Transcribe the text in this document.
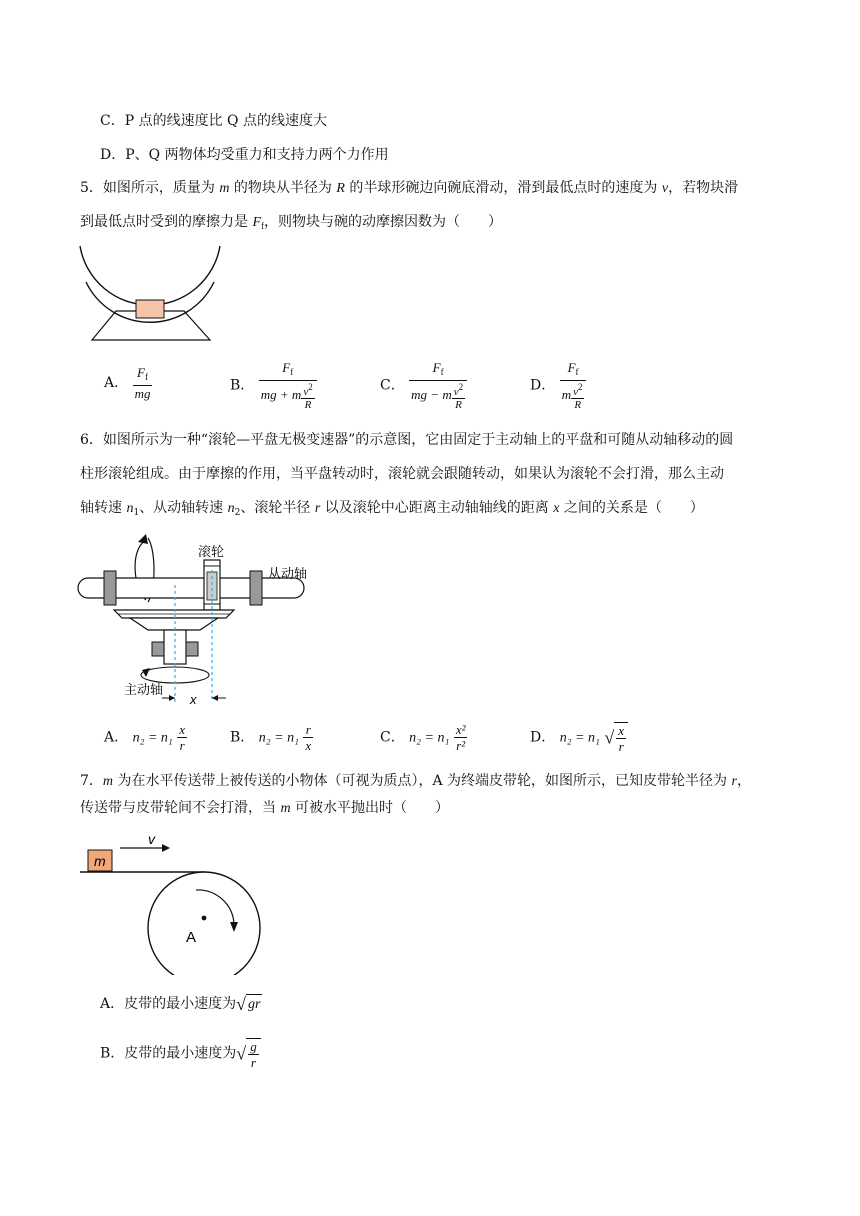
C．P 点的线速度比 Q 点的线速度大
D．P、Q 两物体均受重力和支持力两个力作用
5．如图所示，质量为 m 的物块从半径为 R 的半球形碗边向碗底滑动，滑到最低点时的速度为 v，若物块滑
到最低点时受到的摩擦力是 $F_f$，则物块与碗的动摩擦因数为（　　）
A． $\frac{F_f}{mg}$	B． $\frac{F_f}{mg + m \frac{v^2}{R}}$	C． $\frac{F_f}{mg - m \frac{v^2}{R}}$	D． $\frac{F_f}{m \frac{v^2}{R}}$
6．如图所示为一种“滚轮—平盘无极变速器”的示意图，它由固定于主动轴上的平盘和可随从动轴移动的圆
柱形滚轮组成。由于摩擦的作用，当平盘转动时，滚轮就会跟随转动，如果认为滚轮不会打滑，那么主动
轴转速 $n_1$、从动轴转速 $n_2$、滚轮半径 r 以及滚轮中心距离主动轴轴线的距离 x 之间的关系是（　　）
滚轮
从动轴
主动轴
x
A． $n_2 = n_1 \frac{x}{r}$	B． $n_2 = n_1 \frac{r}{x}$	C． $n_2 = n_1 \frac{\text{x²}}{\text{r²}}$	D． n₂ = n₁ √ $\frac{x}{r}$
7．m 为在水平传送带上被传送的小物体（可视为质点），A 为终端皮带轮，如图所示，已知皮带轮半径为 r，
传送带与皮带轮间不会打滑，当 m 可被水平抛出时（　　）
m
v
A
A．皮带的最小速度为√ gr
B．皮带的最小速度为√ $\frac{g}{r}$
